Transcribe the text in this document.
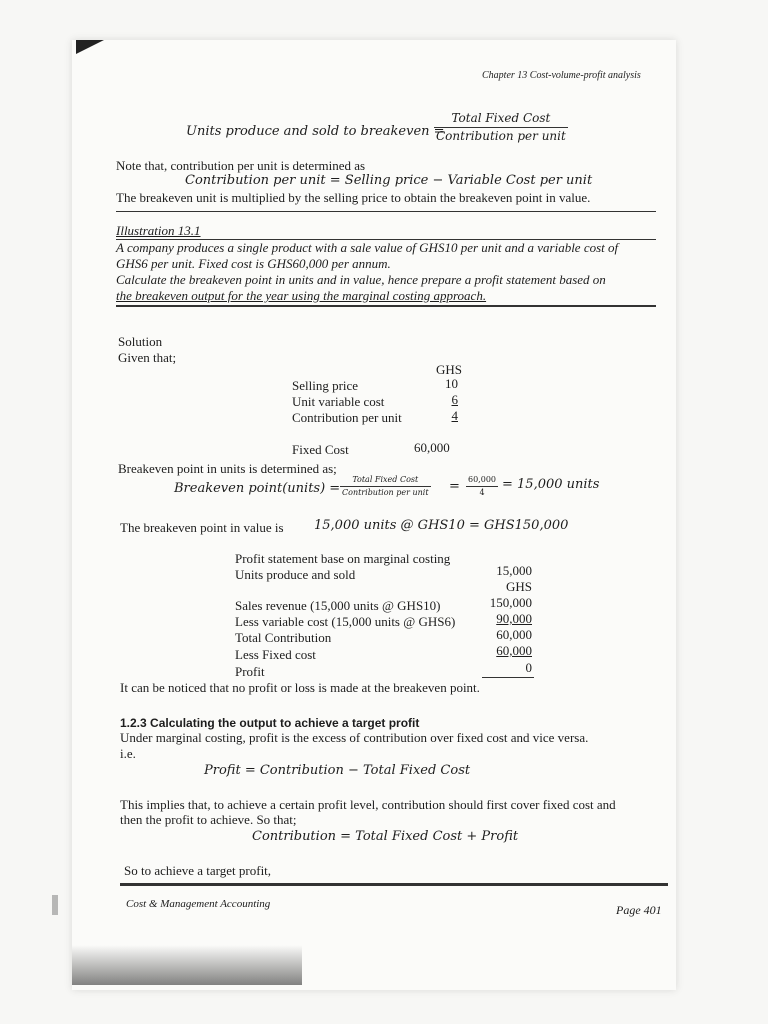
Chapter 13 Cost-volume-profit analysis
Units produce and sold to breakeven =
Total Fixed Cost
Contribution per unit
Note that, contribution per unit is determined as
Contribution per unit = Selling price − Variable Cost per unit
The breakeven unit is multiplied by the selling price to obtain the breakeven point in value.
Illustration 13.1
A company produces a single product with a sale value of GHS10 per unit and a variable cost of
GHS6 per unit. Fixed cost is GHS60,000 per annum.
Calculate the breakeven point in units and in value, hence prepare a profit statement based on
the breakeven output for the year using the marginal costing approach.
Solution
Given that;
GHS
Selling price	10
Unit variable cost	6
Contribution per unit	4
Fixed Cost	60,000
Breakeven point in units is determined as;
Breakeven point(units) =
Total Fixed Cost
Contribution per unit = $\frac{60,000}{4} = 15,000$ units
The breakeven point in value is 15,000 units @ GHS10 = GHS150,000
Profit statement base on marginal costing
Units produce and sold	15,000
GHS
Sales revenue (15,000 units @ GHS10)	150,000
Less variable cost (15,000 units @ GHS6)	90,000
Total Contribution	60,000
Less Fixed cost	60,000
Profit	0
It can be noticed that no profit or loss is made at the breakeven point.
1.2.3 Calculating the output to achieve a target profit
Under marginal costing, profit is the excess of contribution over fixed cost and vice versa.
i.e.
Profit = Contribution − Total Fixed Cost
This implies that, to achieve a certain profit level, contribution should first cover fixed cost and
then the profit to achieve. So that;
Contribution = Total Fixed Cost + Profit
So to achieve a target profit,
Cost & Management Accounting	Page 401
